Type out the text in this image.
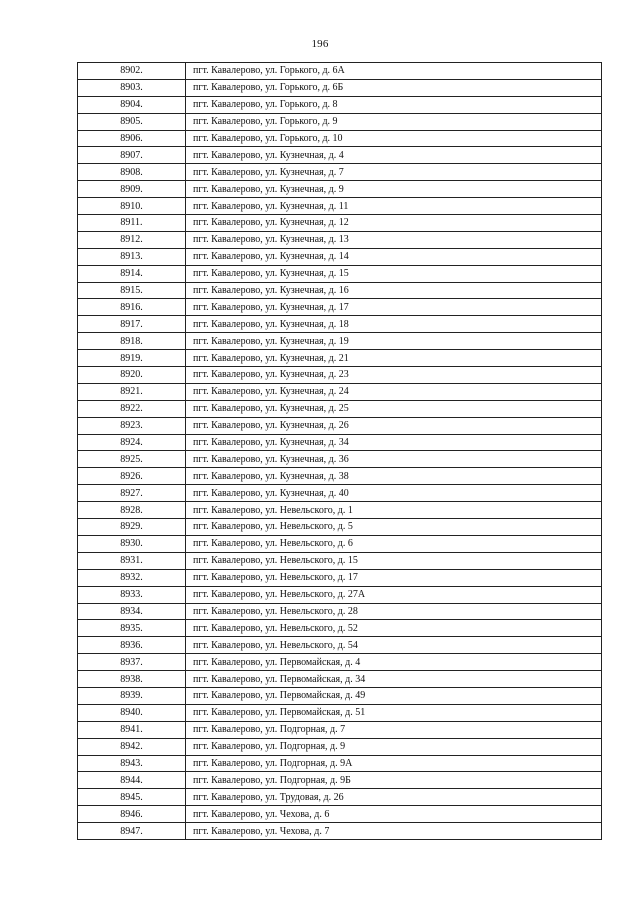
196
8902.	пгт. Кавалерово, ул. Горького, д. 6А
8903.	пгт. Кавалерово, ул. Горького, д. 6Б
8904.	пгт. Кавалерово, ул. Горького, д. 8
8905.	пгт. Кавалерово, ул. Горького, д. 9
8906.	пгт. Кавалерово, ул. Горького, д. 10
8907.	пгт. Кавалерово, ул. Кузнечная, д. 4
8908.	пгт. Кавалерово, ул. Кузнечная, д. 7
8909.	пгт. Кавалерово, ул. Кузнечная, д. 9
8910.	пгт. Кавалерово, ул. Кузнечная, д. 11
8911.	пгт. Кавалерово, ул. Кузнечная, д. 12
8912.	пгт. Кавалерово, ул. Кузнечная, д. 13
8913.	пгт. Кавалерово, ул. Кузнечная, д. 14
8914.	пгт. Кавалерово, ул. Кузнечная, д. 15
8915.	пгт. Кавалерово, ул. Кузнечная, д. 16
8916.	пгт. Кавалерово, ул. Кузнечная, д. 17
8917.	пгт. Кавалерово, ул. Кузнечная, д. 18
8918.	пгт. Кавалерово, ул. Кузнечная, д. 19
8919.	пгт. Кавалерово, ул. Кузнечная, д. 21
8920.	пгт. Кавалерово, ул. Кузнечная, д. 23
8921.	пгт. Кавалерово, ул. Кузнечная, д. 24
8922.	пгт. Кавалерово, ул. Кузнечная, д. 25
8923.	пгт. Кавалерово, ул. Кузнечная, д. 26
8924.	пгт. Кавалерово, ул. Кузнечная, д. 34
8925.	пгт. Кавалерово, ул. Кузнечная, д. 36
8926.	пгт. Кавалерово, ул. Кузнечная, д. 38
8927.	пгт. Кавалерово, ул. Кузнечная, д. 40
8928.	пгт. Кавалерово, ул. Невельского, д. 1
8929.	пгт. Кавалерово, ул. Невельского, д. 5
8930.	пгт. Кавалерово, ул. Невельского, д. 6
8931.	пгт. Кавалерово, ул. Невельского, д. 15
8932.	пгт. Кавалерово, ул. Невельского, д. 17
8933.	пгт. Кавалерово, ул. Невельского, д. 27А
8934.	пгт. Кавалерово, ул. Невельского, д. 28
8935.	пгт. Кавалерово, ул. Невельского, д. 52
8936.	пгт. Кавалерово, ул. Невельского, д. 54
8937.	пгт. Кавалерово, ул. Первомайская, д. 4
8938.	пгт. Кавалерово, ул. Первомайская, д. 34
8939.	пгт. Кавалерово, ул. Первомайская, д. 49
8940.	пгт. Кавалерово, ул. Первомайская, д. 51
8941.	пгт. Кавалерово, ул. Подгорная, д. 7
8942.	пгт. Кавалерово, ул. Подгорная, д. 9
8943.	пгт. Кавалерово, ул. Подгорная, д. 9А
8944.	пгт. Кавалерово, ул. Подгорная, д. 9Б
8945.	пгт. Кавалерово, ул. Трудовая, д. 26
8946.	пгт. Кавалерово, ул. Чехова, д. 6
8947.	пгт. Кавалерово, ул. Чехова, д. 7
